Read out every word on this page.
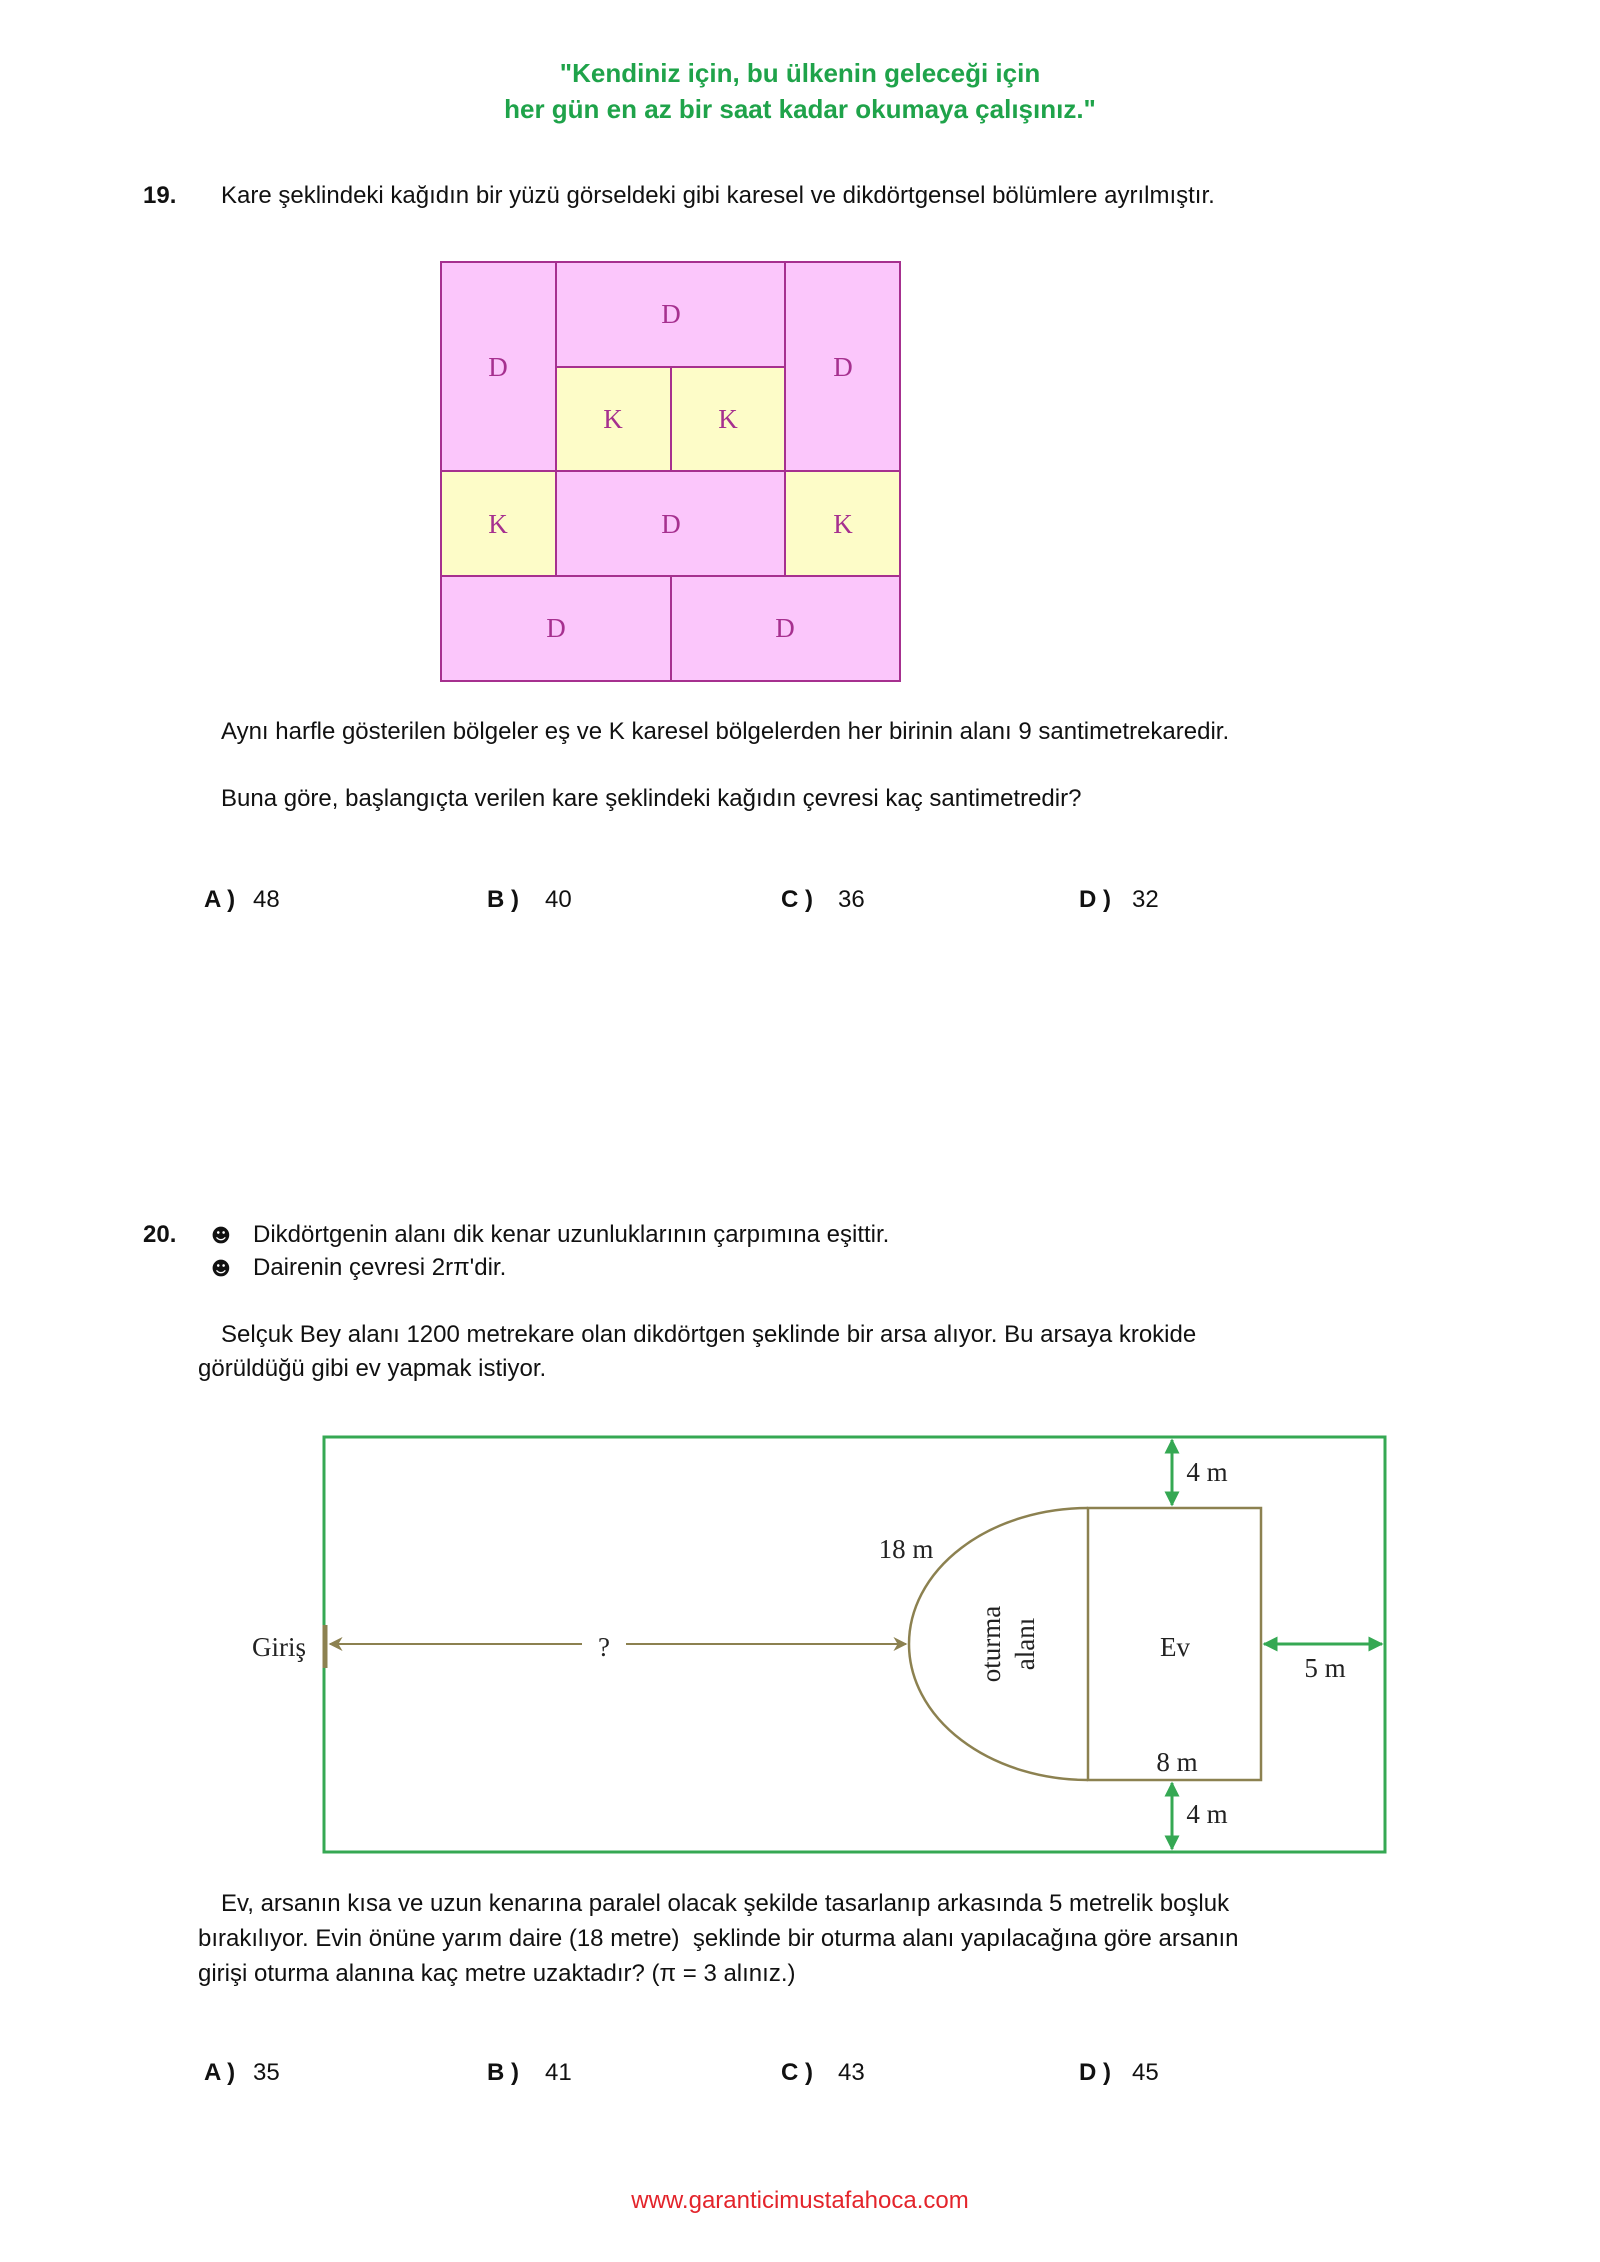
"Kendiniz için, bu ülkenin geleceği için
her gün en az bir saat kadar okumaya çalışınız."
19. Kare şeklindeki kağıdın bir yüzü görseldeki gibi karesel ve dikdörtgensel bölümlere ayrılmıştır.
D
D
K	K
D
K	D	K
D	D
Aynı harfle gösterilen bölgeler eş ve K karesel bölgelerden her birinin alanı 9 santimetrekaredir.
Buna göre, başlangıçta verilen kare şeklindeki kağıdın çevresi kaç santimetredir?
A ) 48	B ) 40	C ) 36	D ) 32
20.
☻	Dikdörtgenin alanı dik kenar uzunluklarının çarpımına eşittir.
☻
Dairenin çevresi 2rπ'dir.
Selçuk Bey alanı 1200 metrekare olan dikdörtgen şeklinde bir arsa alıyor. Bu arsaya krokide
görüldüğü gibi ev yapmak istiyor.
4 m
18 m
oturma alanı	Ev
5 m
8 m
4 m
Giriş	?
Ev, arsanın kısa ve uzun kenarına paralel olacak şekilde tasarlanıp arkasında 5 metrelik boşluk
bırakılıyor. Evin önüne yarım daire (18 metre)  şeklinde bir oturma alanı yapılacağına göre arsanın
girişi oturma alanına kaç metre uzaktadır? (π = 3 alınız.)
A ) 35	B ) 41	C ) 43	D ) 45
www.garanticimustafahoca.com
